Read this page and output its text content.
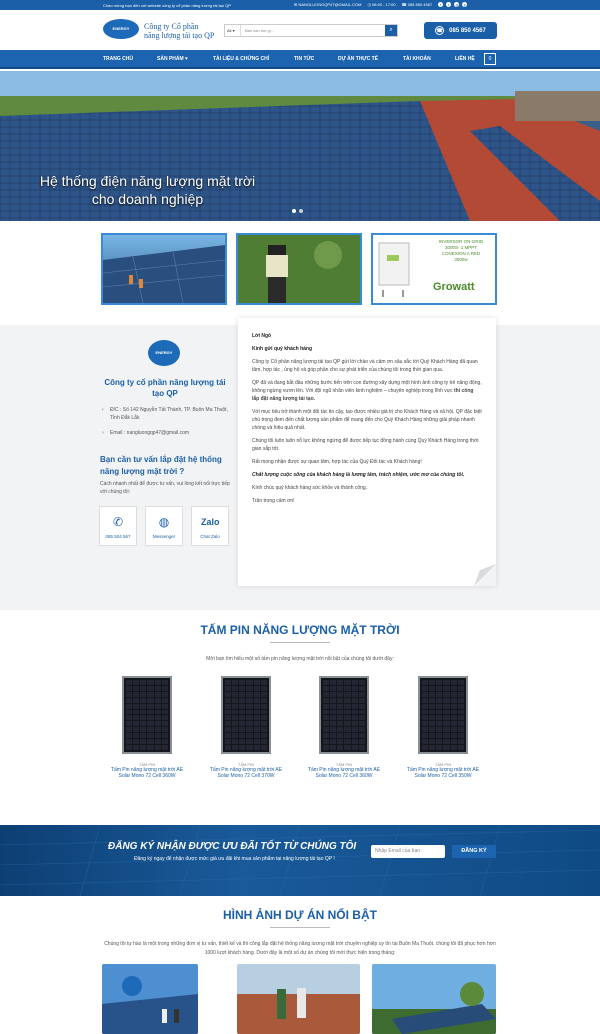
Chào mừng bạn đến với website công ty cổ phần năng lượng tái tạo QP	✉ NANGLUONGQP47@GMAIL.COM ◷ 08:00 - 17:00 ☎ 085 850 4567	f	t	g	y
ENERGY	Công ty Cổ phần
năng lượng tái tạo QP
All ▾	Bạn cần tìm gì...	⌕	☎ 085 850 4567
TRANG CHỦ	SẢN PHẨM ▾	TÀI LIỆU & CHỨNG CHỈ	TIN TỨC	DỰ ÁN THỰC TẾ	TÀI KHOẢN	LIÊN HỆ	0
Hệ thống điện năng lượng mặt trời
cho doanh nghiệp
INVERSOR ON-GRID
3000S- 1 MPPT
CONEXION A RED
3000w
Growatt
ENERGY
Công ty cổ phần năng lượng tái tạo QP
› Đ/C : Số 142 Nguyễn Tất Thành, TP. Buôn Ma Thuột, Tỉnh Đắk Lắk
› Email : nangluongqp47@gmail.com
Bạn cần tư vấn lắp đặt hệ thống năng lượng mặt trời ?
Cách nhanh nhất để được tư vấn, vui lòng kết nối trực tiếp với chúng tôi:
✆
085 504 567
◍
Messenger
Zalo
Chat Zalo

Lời Ngỏ

Kính gửi quý khách hàng

Công ty Cổ phần năng lượng tái tạo QP gửi lời chào và cảm ơn sâu sắc tới Quý Khách Hàng đã quan tâm, hợp tác , ủng hộ và góp phần cho sự phát triển của chúng tôi trong thời gian qua.

QP đã và đang bắt đầu những bước tiến trên con đường xây dựng một hình ảnh công ty trẻ năng động, không ngừng vươn lên. Với đội ngũ nhân viên kinh nghiệm – chuyên nghiệp trong lĩnh vực thi công lắp đặt năng lượng tái tạo.

Với mục tiêu trở thành một đối tác tin cậy, tạo được nhiều giá trị cho Khách Hàng và xã hội, QP đặc biệt chú trọng đem đến chất lượng sản phẩm để mang đến cho Quý Khách Hàng những giải pháp nhanh chóng và hiệu quả nhất.

Chúng tôi luôn luôn nỗ lực không ngừng để được tiếp tục đồng hành cùng Quý Khách Hàng trong thời gian sắp tới.

Rất mong nhận được sự quan tâm, hợp tác của Quý Đối tác và Khách hàng!

Chất lượng cuộc sống của khách hàng là lương tâm, trách nhiệm, ước mơ của chúng tôi.

Kính chúc quý khách hàng sức khỏe và thành công.

Trân trọng cảm ơn!

TẤM PIN NĂNG LƯỢNG MẶT TRỜI
Mời bạn tìm hiểu một số tấm pin năng lượng mặt trời nổi bật của chúng tôi dưới đây:
TẤM PIN
Tấm Pin năng lượng mặt trời AE Solar Mono 72 Cell 360W
TẤM PIN
Tấm Pin năng lượng mặt trời AE Solar Mono 72 Cell 370W
TẤM PIN
Tấm Pin năng lượng mặt trời AE Solar Mono 72 Cell 360W
TẤM PIN
Tấm Pin năng lượng mặt trời AE Solar Mono 72 Cell 350W
ĐĂNG KÝ NHẬN ĐƯỢC ƯU ĐÃI TỐT TỪ CHÚNG TÔI
Đăng ký ngay để nhận được mức giá ưu đãi khi mua sản phẩm tại năng lượng tái tạo QP !
Nhập Email của bạn	ĐĂNG KÝ
HÌNH ẢNH DỰ ÁN NỔI BẬT
Chúng tôi tự hào là một trong những đơn vị tư vấn, thiết kế và thi công lắp đặt hệ thống năng lượng mặt trời chuyên nghiệp uy tín tại Buôn Ma Thuột, chúng tôi đã phục hơn hơn 1000 lượt khách hàng. Dưới đây là một số dự án chúng tôi mới thực hiện trong tháng:
